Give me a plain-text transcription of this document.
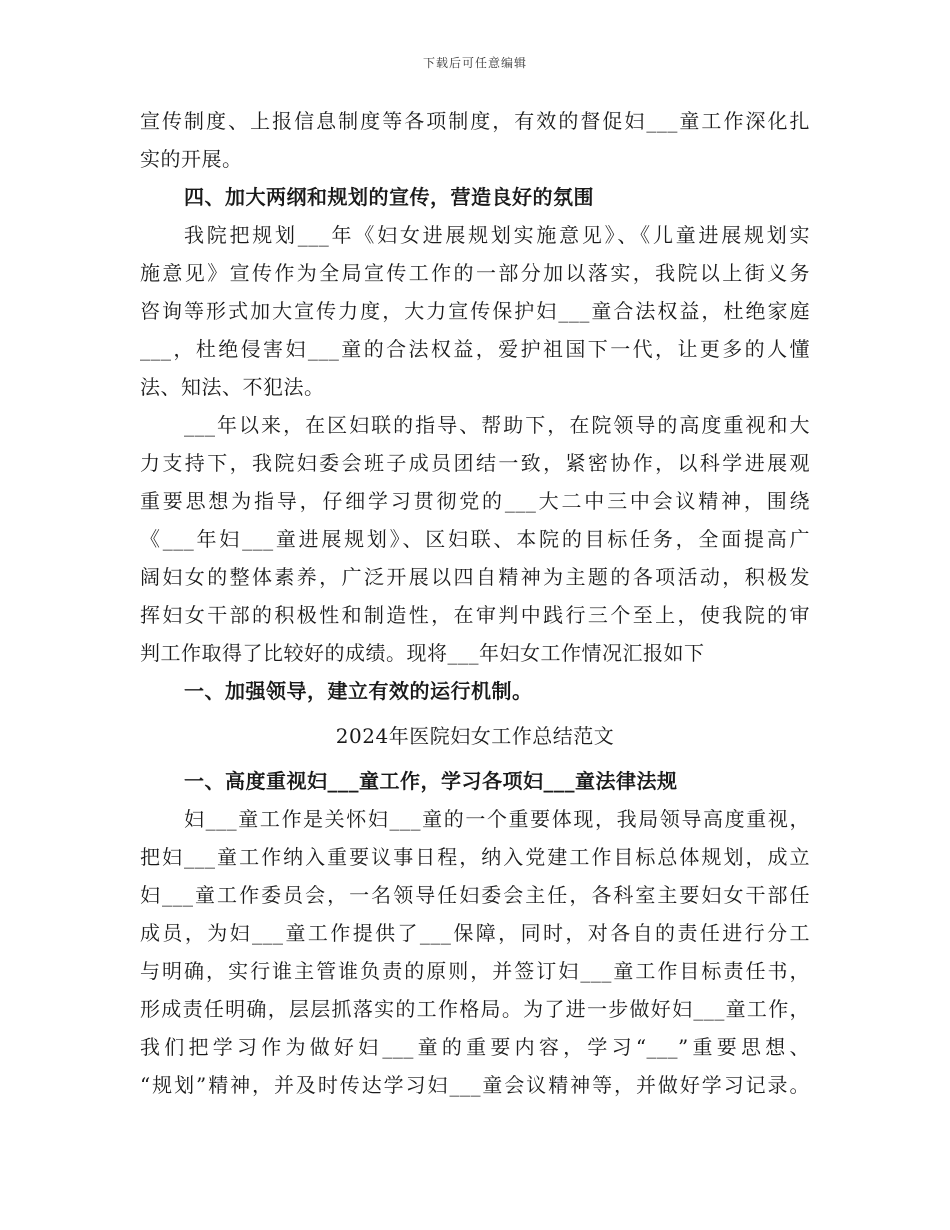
下载后可任意编辑
宣传制度、上报信息制度等各项制度，有效的督促妇___童工作深化扎
实的开展。
四、加大两纲和规划的宣传，营造良好的氛围
我院把规划___年《妇女进展规划实施意见》、《儿童进展规划实
施意见》宣传作为全局宣传工作的一部分加以落实，我院以上街义务
咨询等形式加大宣传力度，大力宣传保护妇___童合法权益，杜绝家庭
___，杜绝侵害妇___童的合法权益，爱护祖国下一代，让更多的人懂
法、知法、不犯法。
___年以来，在区妇联的指导、帮助下，在院领导的高度重视和大
力支持下，我院妇委会班子成员团结一致，紧密协作，以科学进展观
重要思想为指导，仔细学习贯彻党的___大二中三中会议精神，围绕
《___年妇___童进展规划》、区妇联、本院的目标任务，全面提高广
阔妇女的整体素养，广泛开展以四自精神为主题的各项活动，积极发
挥妇女干部的积极性和制造性，在审判中践行三个至上，使我院的审
判工作取得了比较好的成绩。现将___年妇女工作情况汇报如下
一、加强领导，建立有效的运行机制。
2024年医院妇女工作总结范文
一、高度重视妇___童工作，学习各项妇___童法律法规
妇___童工作是关怀妇___童的一个重要体现，我局领导高度重视，
把妇___童工作纳入重要议事日程，纳入党建工作目标总体规划，成立
妇___童工作委员会，一名领导任妇委会主任，各科室主要妇女干部任
成员，为妇___童工作提供了___保障，同时，对各自的责任进行分工
与明确，实行谁主管谁负责的原则，并签订妇___童工作目标责任书，
形成责任明确，层层抓落实的工作格局。为了进一步做好妇___童工作，
我们把学习作为做好妇___童的重要内容，学习“___”重要思想、
“规划”精神，并及时传达学习妇___童会议精神等，并做好学习记录。
